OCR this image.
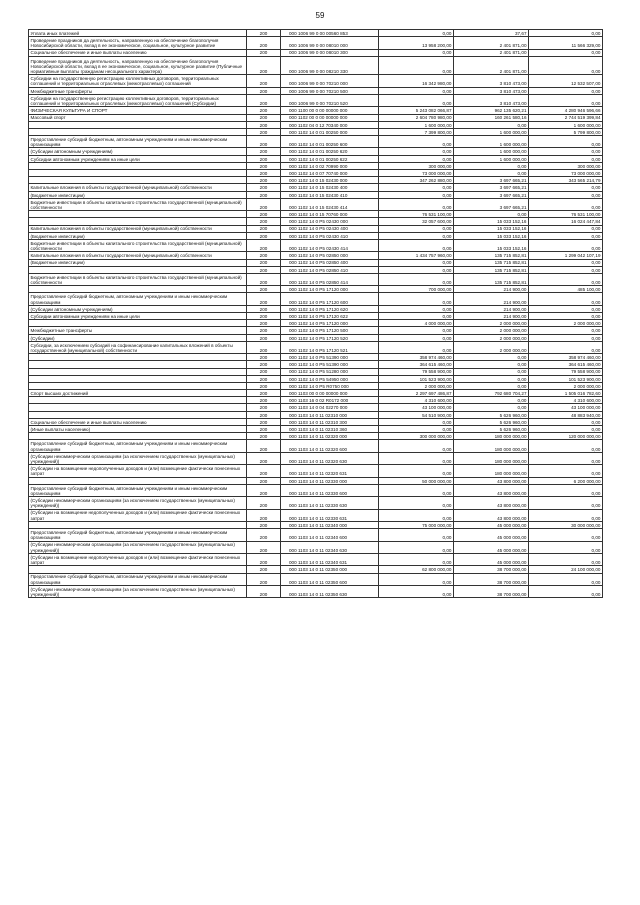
59
Уплата иных платежей	200	000 1006 99 0 00 00560 853	0,00	37,67	0,00
Проведение праздников да деятельность, направленную на обеспечение благополучия Новосибирской области, вклад в ее экономическое, социальное, культурное развитие	200	000 1006 99 0 00 08010 000	13 958 200,00	2 401 871,00	11 566 329,00
Социальное обеспечение и иные выплаты населению	200	000 1006 99 0 00 08010 300	0,00	2 401 871,00	0,00
Проведение праздников да деятельность, направленную на обеспечение благополучия Новосибирской области, вклад в ее экономическое, социальное, культурное развитие (Публичные нормативные выплаты гражданам несоциального характера)	200	000 1006 99 0 00 08210 330	0,00	2 401 871,00	0,00
Субсидии на государственную регистрацию коллективных договоров, территориальных соглашений и территориальных отраслевых (межотраслевых) соглашений	200	000 1006 99 0 00 70210 000	16 342 980,00	3 810 473,00	12 532 507,00
Межбюджетные трансферты	200	000 1006 99 0 00 70210 500	0,00	3 810 473,00	0,00
Субсидии на государственную регистрацию коллективных договоров, территориальных соглашений и территориальных отраслевых (межотраслевых) соглашений (Субсидии)	200	000 1006 99 0 00 70210 520	0,00	3 810 473,00	0,00
ФИЗИЧЕСКАЯ КУЛЬТУРА И СПОРТ	200	000 1100 00 0 00 00000 000	5 243 082 066,87	962 135 620,21	4 280 946 596,66
Массовый спорт	200	000 1102 00 0 00 00000 000	2 604 780 980,00	160 261 580,16	2 744 519 399,84
	200	000 1102 04 0 12 70340 000	1 600 000,00	0,00	1 600 000,00
	200	000 1102 14 0 01 00250 000	7 399 800,00	1 600 000,00	5 799 800,00
Предоставление субсидий бюджетным, автономным учреждениям и иным некоммерческим организациям	200	000 1102 14 0 01 00250 600	0,00	1 600 000,00	0,00
(Субсидии автономным учреждениям)	200	000 1102 14 0 01 00250 620	0,00	1 600 000,00	0,00
Субсидии автономным учреждениям на иные цели	200	000 1102 14 0 01 00250 622	0,00	1 600 000,00	0,00
	200	000 1102 14 0 02 70990 000	300 000,00	0,00	300 000,00
	200	000 1102 14 0 07 70740 000	73 000 000,00	0,00	73 000 000,00
	200	000 1102 14 0 15 02430 000	347 262 880,00	3 697 665,21	343 565 214,79
Капитальные вложения в объекты государственной (муниципальной) собственности	200	000 1102 14 0 15 02430 400	0,00	3 697 665,21	0,00
(Бюджетные инвестиции)	200	000 1102 14 0 15 02430 410	0,00	3 697 665,21	0,00
Бюджетные инвестиции в объекты капитального строительства государственной (муниципальной) собственности	200	000 1102 14 0 15 02430 414	0,00	3 697 665,21	0,00
	200	000 1102 14 0 15 70760 000	76 531 100,00	0,00	76 531 100,00
	200	000 1102 14 0 P5 02430 000	32 057 600,00	15 033 152,16	16 024 447,84
Капитальные вложения в объекты государственной (муниципальной) собственности	200	000 1102 14 0 P5 02430 400	0,00	15 033 152,16	0,00
(Бюджетные инвестиции)	200	000 1102 14 0 P5 02430 410	0,00	15 033 152,16	0,00
Бюджетные инвестиции в объекты капитального строительства государственной (муниципальной) собственности	200	000 1102 14 0 P5 02430 414	0,00	15 033 152,16	0,00
Капитальные вложения в объекты государственной (муниципальной) собственности	200	000 1102 14 0 P5 02850 000	1 434 757 960,00	135 715 852,81	1 299 042 107,19
(Бюджетные инвестиции)	200	000 1102 14 0 P5 02850 400	0,00	135 715 852,81	0,00
	200	000 1102 14 0 P5 02850 410	0,00	135 715 852,81	0,00
Бюджетные инвестиции в объекты капитального строительства государственной (муниципальной) собственности	200	000 1102 14 0 P5 02850 414	0,00	135 715 852,81	0,00
	200	000 1102 14 0 P5 17120 000	700 000,00	214 900,00	485 100,00
Предоставление субсидий бюджетным, автономным учреждениям и иным некоммерческим организациям	200	000 1102 14 0 P5 17120 600	0,00	214 900,00	0,00
(Субсидии автономным учреждениям)	200	000 1102 14 0 P5 17120 620	0,00	214 900,00	0,00
Субсидии автономным учреждениям на иные цели	200	000 1102 14 0 P5 17120 622	0,00	214 900,00	0,00
	200	000 1102 14 0 P5 17120 000	4 000 000,00	2 000 000,00	2 000 000,00
Межбюджетные трансферты	200	000 1102 14 0 P5 17120 500	0,00	2 000 000,00	0,00
(Субсидии)	200	000 1102 14 0 P5 17120 520	0,00	2 000 000,00	0,00
Субсидии, за исключением субсидий на софинансирование капитальных вложений в объекты государственной (муниципальной) собственности	200	000 1102 14 0 P5 17120 521	0,00	2 000 000,00	0,00
	200	000 1102 14 0 P5 51390 000	358 974 460,00	0,00	358 974 460,00
	200	000 1102 14 0 P5 51390 000	364 615 460,00	0,00	364 615 460,00
	200	000 1102 14 0 P5 51280 000	79 558 900,00	0,00	79 558 900,00
	200	000 1102 14 0 P5 54950 000	101 523 900,00	0,00	101 523 900,00
	200	000 1102 14 0 P5 R0750 000	2 000 000,00	0,00	2 000 000,00
Спорт высших достижений	200	000 1103 00 0 00 00000 000	2 297 697 486,87	792 680 704,27	1 505 016 782,60
	200	000 1103 16 0 02 R0172 000	4 310 600,00	0,00	4 310 600,00
	200	000 1103 14 0 04 02270 000	43 100 000,00	0,00	43 100 000,00
	200	000 1103 14 0 11 02310 000	54 510 900,00	5 626 960,00	48 883 940,00
Социальное обеспечение и иные выплаты населению	200	000 1103 14 0 11 02310 300	0,00	5 626 960,00	0,00
(Иные выплаты населению)	200	000 1103 14 0 11 02310 360	0,00	5 626 960,00	0,00
	200	000 1103 14 0 11 02320 000	300 000 000,00	180 000 000,00	120 000 000,00
Предоставление субсидий бюджетным, автономным учреждениям и иным некоммерческим организациям	200	000 1103 14 0 11 02320 600	0,00	180 000 000,00	0,00
(Субсидии некоммерческим организациям (за исключением государственных (муниципальных) учреждений))	200	000 1103 14 0 11 02320 630	0,00	180 000 000,00	0,00
(Субсидии на возмещение недополученных доходов и (или) возмещение фактически понесенных затрат	200	000 1103 14 0 11 02320 631	0,00	180 000 000,00	0,00
	200	000 1103 14 0 11 02330 000	50 000 000,00	43 800 000,00	6 200 000,00
Предоставление субсидий бюджетным, автономным учреждениям и иным некоммерческим организациям	200	000 1103 14 0 11 02330 600	0,00	43 800 000,00	0,00
(Субсидии некоммерческим организациям (за исключением государственных (муниципальных) учреждений))	200	000 1103 14 0 11 02330 630	0,00	43 800 000,00	0,00
(Субсидии на возмещение недополученных доходов и (или) возмещение фактически понесенных затрат	200	000 1103 14 0 11 02330 631	0,00	43 800 000,00	0,00
	200	000 1103 14 0 11 02340 000	75 000 000,00	45 000 000,00	30 000 000,00
Предоставление субсидий бюджетным, автономным учреждениям и иным некоммерческим организациям	200	000 1103 14 0 11 02340 600	0,00	45 000 000,00	0,00
(Субсидии некоммерческим организациям (за исключением государственных (муниципальных) учреждений))	200	000 1103 14 0 11 02340 630	0,00	45 000 000,00	0,00
(Субсидии на возмещение недополученных доходов и (или) возмещение фактически понесенных затрат	200	000 1103 14 0 11 02340 631	0,00	45 000 000,00	0,00
	200	000 1103 14 0 11 02350 000	62 800 000,00	38 700 000,00	24 100 000,00
Предоставление субсидий бюджетным, автономным учреждениям и иным некоммерческим организациям	200	000 1103 14 0 11 02350 600	0,00	38 700 000,00	0,00
(Субсидии некоммерческим организациям (за исключением государственных (муниципальных) учреждений))	200	000 1103 14 0 11 02350 630	0,00	38 700 000,00	0,00
